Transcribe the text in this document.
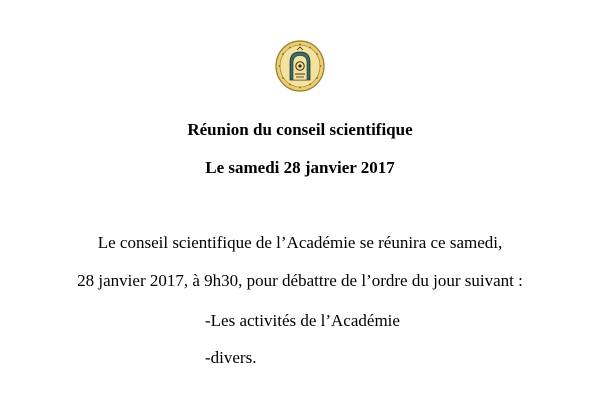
Réunion du conseil scientifique
Le samedi 28 janvier 2017
Le conseil scientifique de l’Académie se réunira ce samedi,
28 janvier 2017, à 9h30, pour débattre de l’ordre du jour suivant :
-Les activités de l’Académie
-divers.
